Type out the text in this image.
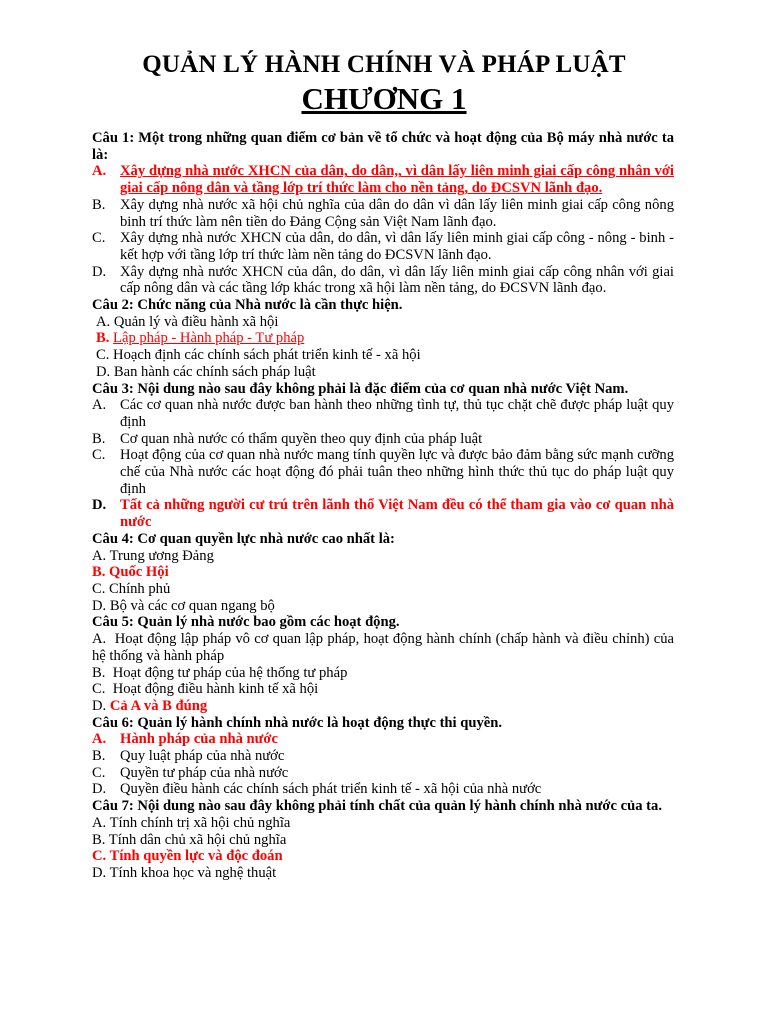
QUẢN LÝ HÀNH CHÍNH VÀ PHÁP LUẬT
CHƯƠNG 1
Câu 1: Một trong những quan điểm cơ bản về tổ chức và hoạt động của Bộ máy nhà nước ta là:
A. Xây dựng nhà nước XHCN của dân, do dân,, vì dân lấy liên minh giai cấp công nhân với giai cấp nông dân và tầng lớp trí thức làm cho nền tảng, do ĐCSVN lãnh đạo.
B. Xây dựng nhà nước xã hội chủ nghĩa của dân do dân vì dân lấy liên minh giai cấp công nông binh trí thức làm nên tiền do Đảng Cộng sản Việt Nam lãnh đạo.
C. Xây dựng nhà nước XHCN của dân, do dân, vì dân lấy liên minh giai cấp công - nông - binh - kết hợp với tầng lớp trí thức làm nền tảng do ĐCSVN lãnh đạo.
D. Xây dựng nhà nước XHCN của dân, do dân, vì dân lấy liên minh giai cấp công nhân với giai cấp nông dân và các tầng lớp khác trong xã hội làm nền tảng, do ĐCSVN lãnh đạo.
Câu 2: Chức năng của Nhà nước là cần thực hiện.
A. Quản lý và điều hành xã hội
B. Lập pháp - Hành pháp - Tư pháp
C. Hoạch định các chính sách phát triển kinh tế - xã hội
D. Ban hành các chính sách pháp luật
Câu 3: Nội dung nào sau đây không phải là đặc điểm của cơ quan nhà nước Việt Nam.
A. Các cơ quan nhà nước được ban hành theo những tình tự, thủ tục chặt chẽ được pháp luật quy định
B. Cơ quan nhà nước có thẩm quyền theo quy định của pháp luật
C. Hoạt động của cơ quan nhà nước mang tính quyền lực và được bảo đảm bằng sức mạnh cưỡng chế của Nhà nước các hoạt động đó phải tuân theo những hình thức thủ tục do pháp luật quy định
D. Tất cả những người cư trú trên lãnh thổ Việt Nam đều có thể tham gia vào cơ quan nhà nước
Câu 4: Cơ quan quyền lực nhà nước cao nhất là:
A. Trung ương Đảng
B. Quốc Hội
C. Chính phủ
D. Bộ và các cơ quan ngang bộ
Câu 5: Quản lý nhà nước bao gồm các hoạt động.
A. Hoạt động lập pháp vô cơ quan lập pháp, hoạt động hành chính (chấp hành và điều chỉnh) của hệ thống và hành pháp
B. Hoạt động tư pháp của hệ thống tư pháp
C. Hoạt động điều hành kinh tế xã hội
D. Cả A và B đúng
Câu 6: Quản lý hành chính nhà nước là hoạt động thực thi quyền.
A. Hành pháp của nhà nước
B. Quy luật pháp của nhà nước
C. Quyền tư pháp của nhà nước
D. Quyền điều hành các chính sách phát triển kinh tế - xã hội của nhà nước
Câu 7: Nội dung nào sau đây không phải tính chất của quản lý hành chính nhà nước của ta.
A. Tính chính trị xã hội chủ nghĩa
B. Tính dân chủ xã hội chủ nghĩa
C. Tính quyền lực và độc đoán
D. Tính khoa học và nghệ thuật
